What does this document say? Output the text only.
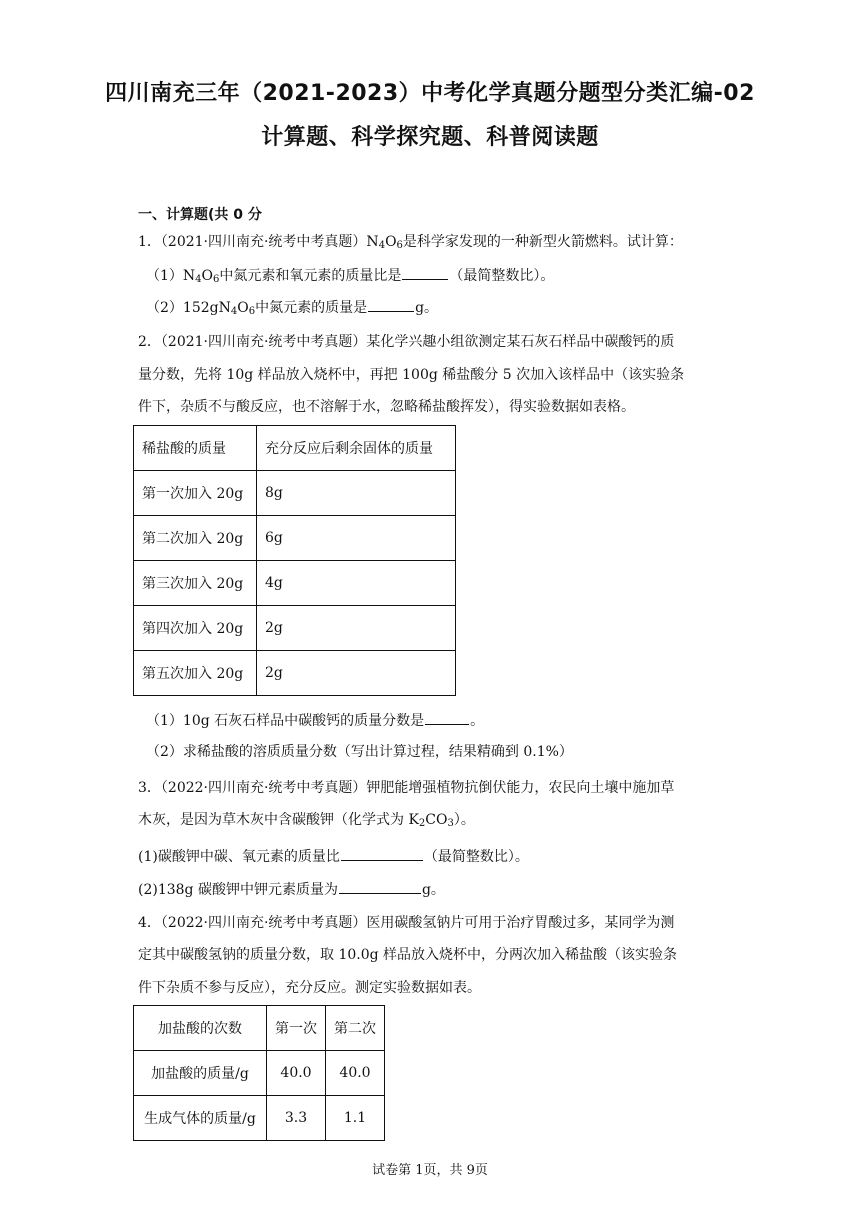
四川南充三年（2021-2023）中考化学真题分题型分类汇编-02
计算题、科学探究题、科普阅读题
一、计算题(共 0 分
1．（2021·四川南充·统考中考真题）$N_4O_6$是科学家发现的一种新型火箭燃料。试计算：
$(1)N_4O_6$中氮元素和氧元素的质量比是	（最简整数比）。
$(2)152gN_4O_6$中氮元素的质量是	g。
2．（2021·四川南充·统考中考真题）某化学兴趣小组欲测定某石灰石样品中碳酸钙的质
量分数，先将 10g 样品放入烧杯中，再把 100g 稀盐酸分 5 次加入该样品中（该实验条
件下，杂质不与酸反应，也不溶解于水，忽略稀盐酸挥发），得实验数据如表格。
稀盐酸的质量	充分反应后剩余固体的质量
第一次加入 20g	8g
第二次加入 20g	6g
第三次加入 20g	4g
第四次加入 20g	2g
第五次加入 20g	2g
（1）10g 石灰石样品中碳酸钙的质量分数是	。
（2）求稀盐酸的溶质质量分数（写出计算过程，结果精确到 0.1%）
3．（2022·四川南充·统考中考真题）钾肥能增强植物抗倒伏能力，农民向土壤中施加草
木灰，是因为草木灰中含碳酸钾（化学式为 $K_2CO_3$）。
(1)碳酸钾中碳、氧元素的质量比	（最简整数比）。
(2)138g 碳酸钾中钾元素质量为	g。
4．（2022·四川南充·统考中考真题）医用碳酸氢钠片可用于治疗胃酸过多，某同学为测
定其中碳酸氢钠的质量分数，取 10.0g 样品放入烧杯中，分两次加入稀盐酸（该实验条
件下杂质不参与反应），充分反应。测定实验数据如表。
加盐酸的次数	第一次	第二次
加盐酸的质量/g	40.0	40.0
生成气体的质量/g	3.3	1.1
试卷第 1页，共 9页
